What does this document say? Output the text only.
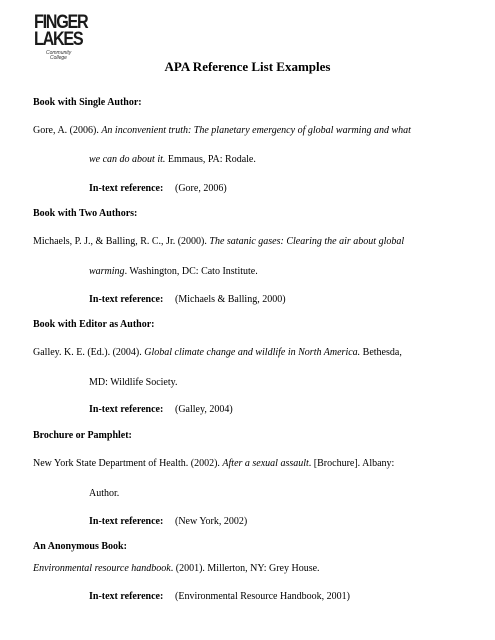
FINGER
LAKES
Community
College
APA Reference List Examples
Book with Single Author:
Gore, A. (2006). An inconvenient truth: The planetary emergency of global warming and what
we can do about it. Emmaus, PA: Rodale.
In-text reference: (Gore, 2006)
Book with Two Authors:
Michaels, P. J., & Balling, R. C., Jr. (2000). The satanic gases: Clearing the air about global
warming. Washington, DC: Cato Institute.
In-text reference: (Michaels & Balling, 2000)
Book with Editor as Author:
Galley. K. E. (Ed.). (2004). Global climate change and wildlife in North America. Bethesda,
MD: Wildlife Society.
In-text reference: (Galley, 2004)
Brochure or Pamphlet:
New York State Department of Health. (2002). After a sexual assault. [Brochure]. Albany:
Author.
In-text reference: (New York, 2002)
An Anonymous Book:
Environmental resource handbook. (2001). Millerton, NY: Grey House.
In-text reference: (Environmental Resource Handbook, 2001)
